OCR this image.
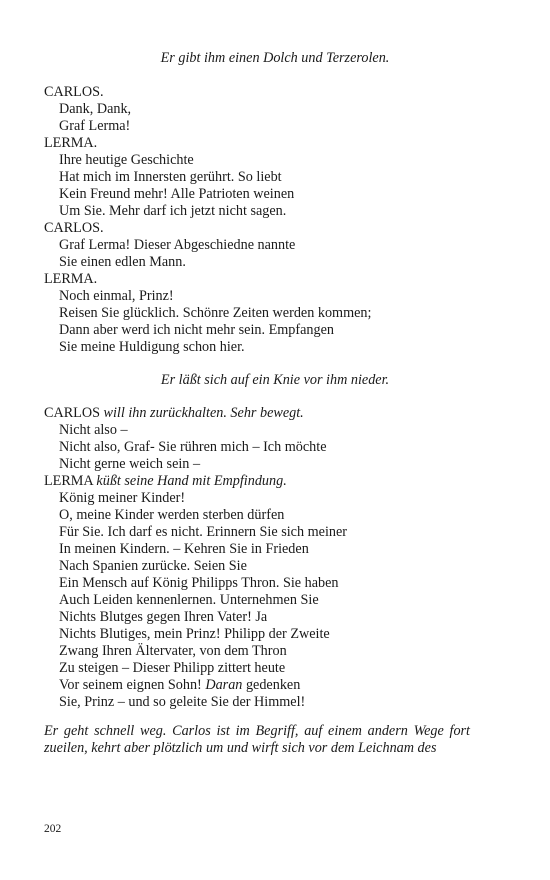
Er gibt ihm einen Dolch und Terzerolen.
CARLOS.
Dank, Dank,
Graf Lerma!
LERMA.
Ihre heutige Geschichte
Hat mich im Innersten gerührt. So liebt
Kein Freund mehr! Alle Patrioten weinen
Um Sie. Mehr darf ich jetzt nicht sagen.
CARLOS.
Graf Lerma! Dieser Abgeschiedne nannte
Sie einen edlen Mann.
LERMA.
Noch einmal, Prinz!
Reisen Sie glücklich. Schönre Zeiten werden kommen;
Dann aber werd ich nicht mehr sein. Empfangen
Sie meine Huldigung schon hier.
Er läßt sich auf ein Knie vor ihm nieder.
CARLOS will ihn zurückhalten. Sehr bewegt.
Nicht also –
Nicht also, Graf- Sie rühren mich – Ich möchte
Nicht gerne weich sein –
LERMA küßt seine Hand mit Empfindung.
König meiner Kinder!
O, meine Kinder werden sterben dürfen
Für Sie. Ich darf es nicht. Erinnern Sie sich meiner
In meinen Kindern. – Kehren Sie in Frieden
Nach Spanien zurücke. Seien Sie
Ein Mensch auf König Philipps Thron. Sie haben
Auch Leiden kennenlernen. Unternehmen Sie
Nichts Blutges gegen Ihren Vater! Ja
Nichts Blutiges, mein Prinz! Philipp der Zweite
Zwang Ihren Ältervater, von dem Thron
Zu steigen – Dieser Philipp zittert heute
Vor seinem eignen Sohn! Daran gedenken
Sie, Prinz – und so geleite Sie der Himmel!
Er geht schnell weg. Carlos ist im Begriff, auf einem andern Wege fort zueilen, kehrt aber plötzlich um und wirft sich vor dem Leichnam des
202
